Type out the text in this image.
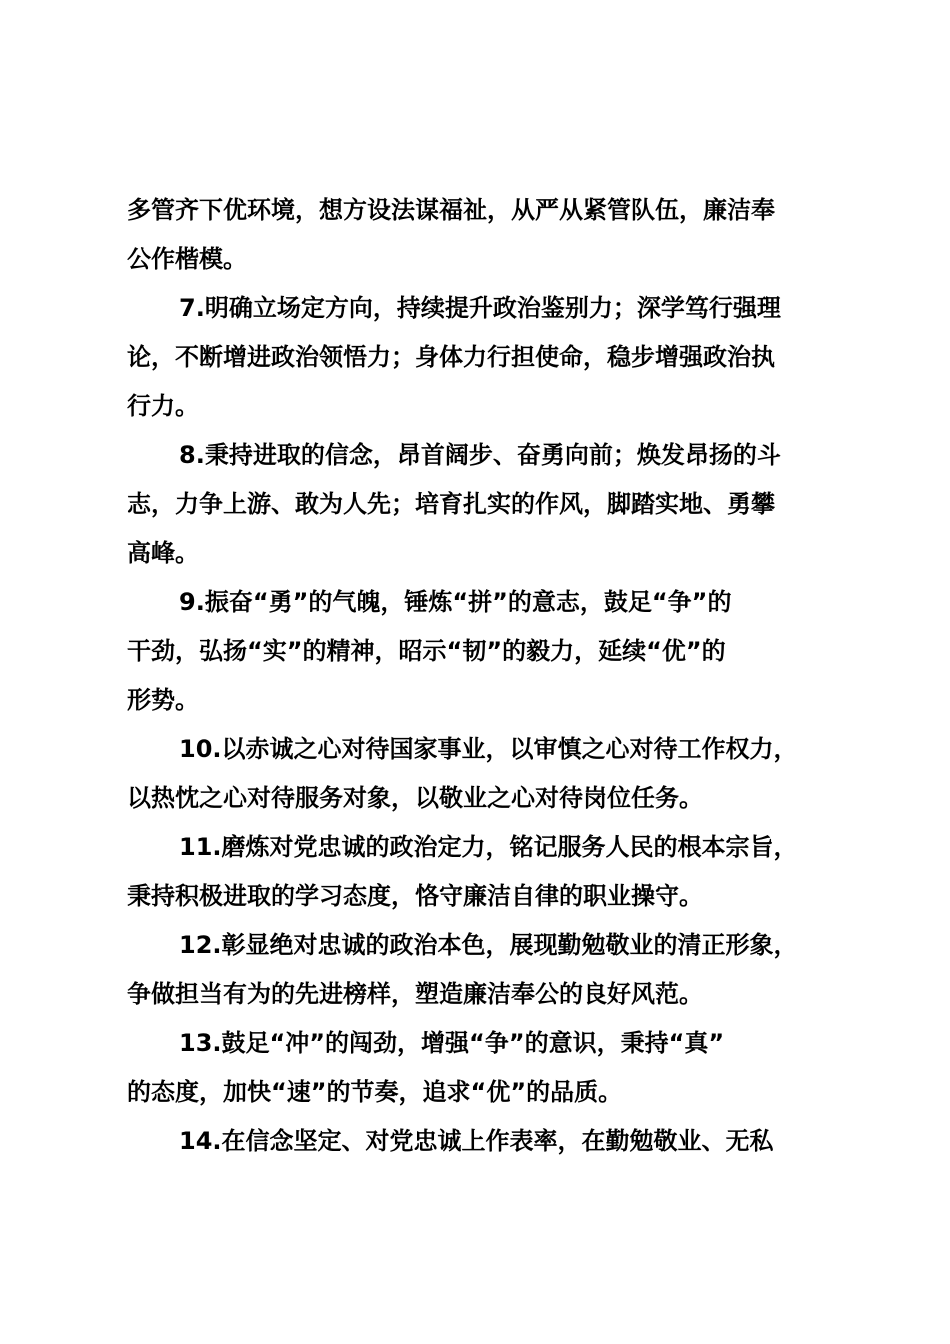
多管齐下优环境，想方设法谋福祉，从严从紧管队伍，廉洁奉
公作楷模。

7.明确立场定方向，持续提升政治鉴别力；深学笃行强理
论，不断增进政治领悟力；身体力行担使命，稳步增强政治执
行力。

8.秉持进取的信念，昂首阔步、奋勇向前；焕发昂扬的斗
志，力争上游、敢为人先；培育扎实的作风，脚踏实地、勇攀
高峰。

9.振奋“勇”的气魄，锤炼“拼”的意志，鼓足“争”的
干劲，弘扬“实”的精神，昭示“韧”的毅力，延续“优”的
形势。

10.以赤诚之心对待国家事业，以审慎之心对待工作权力，
以热忱之心对待服务对象，以敬业之心对待岗位任务。

11.磨炼对党忠诚的政治定力，铭记服务人民的根本宗旨，
秉持积极进取的学习态度，恪守廉洁自律的职业操守。

12.彰显绝对忠诚的政治本色，展现勤勉敬业的清正形象，
争做担当有为的先进榜样，塑造廉洁奉公的良好风范。

13.鼓足“冲”的闯劲，增强“争”的意识，秉持“真”
的态度，加快“速”的节奏，追求“优”的品质。

14.在信念坚定、对党忠诚上作表率，在勤勉敬业、无私
